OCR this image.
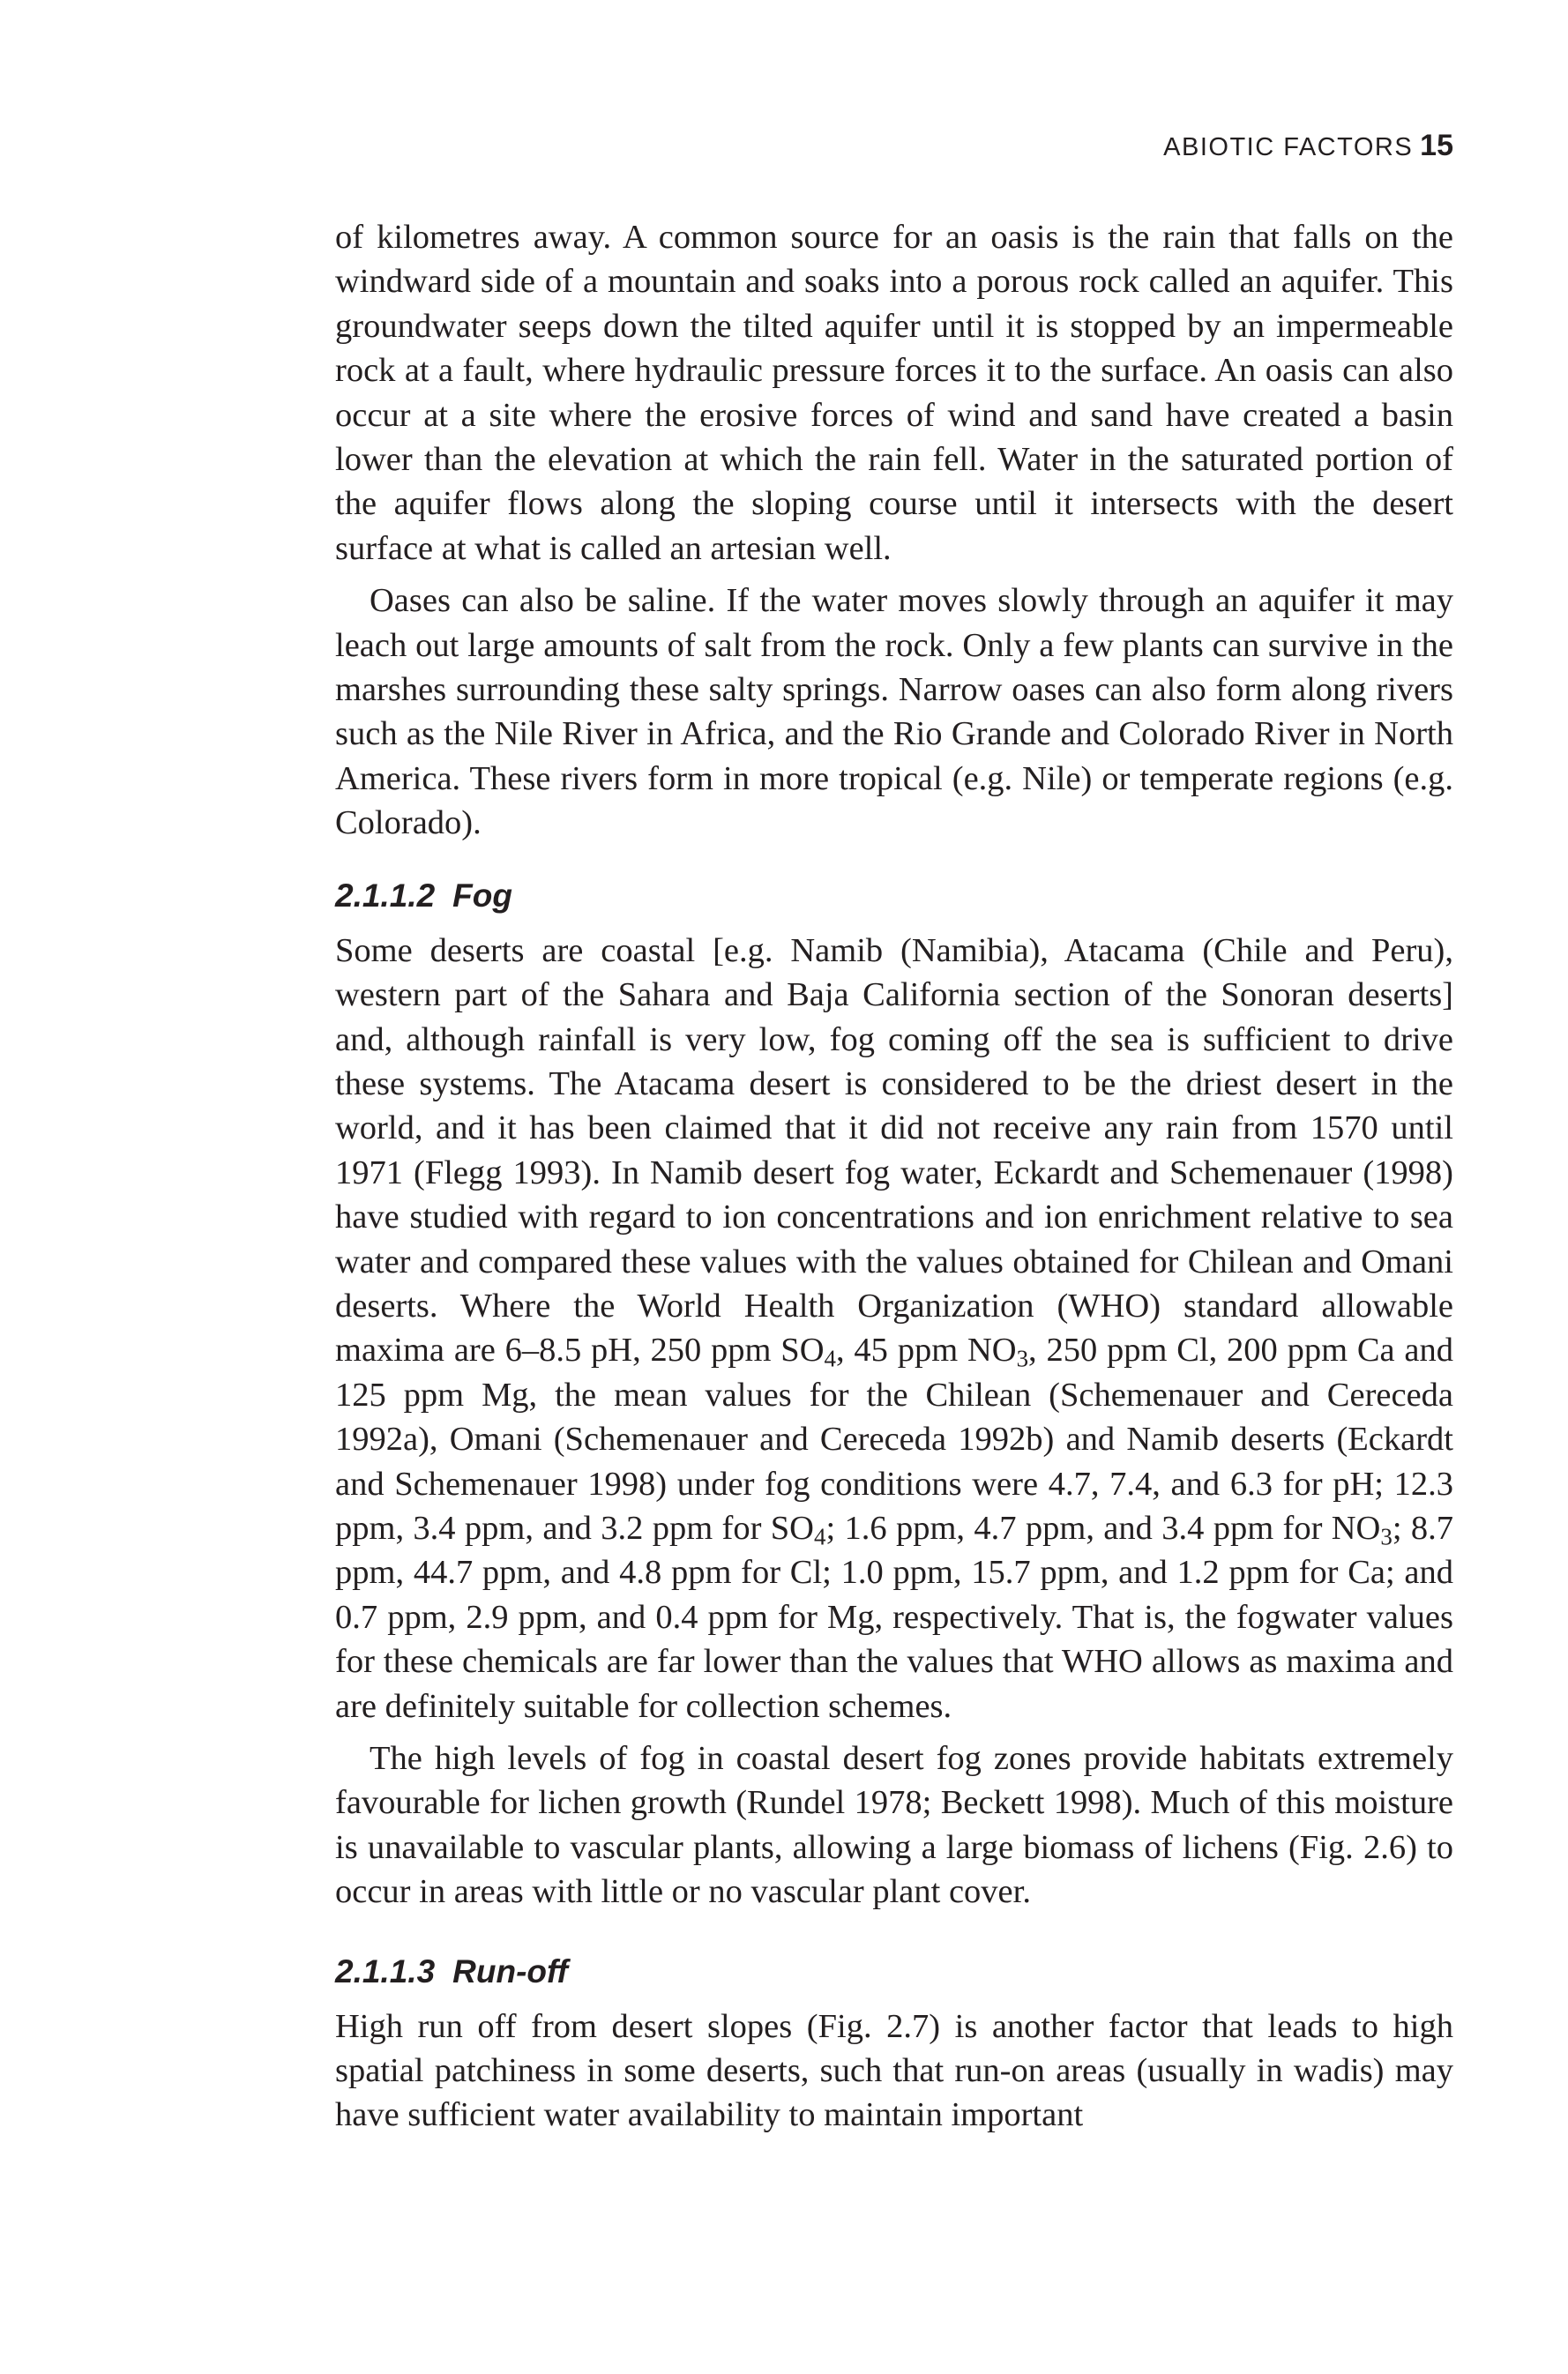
ABIOTIC FACTORS 15

of kilometres away. A common source for an oasis is the rain that falls on the windward side of a mountain and soaks into a porous rock called an aquifer. This groundwater seeps down the tilted aquifer until it is stopped by an impermeable rock at a fault, where hydraulic pressure forces it to the surface. An oasis can also occur at a site where the erosive forces of wind and sand have created a basin lower than the elevation at which the rain fell. Water in the saturated portion of the aquifer flows along the sloping course until it intersects with the desert surface at what is called an artesian well.

Oases can also be saline. If the water moves slowly through an aquifer it may leach out large amounts of salt from the rock. Only a few plants can survive in the marshes surrounding these salty springs. Narrow oases can also form along rivers such as the Nile River in Africa, and the Rio Grande and Colorado River in North America. These rivers form in more tropical (e.g. Nile) or temperate regions (e.g. Colorado).

2.1.1.2 Fog

Some deserts are coastal [e.g. Namib (Namibia), Atacama (Chile and Peru), western part of the Sahara and Baja California section of the Sonoran deserts] and, although rainfall is very low, fog coming off the sea is sufficient to drive these systems. The Atacama desert is considered to be the driest desert in the world, and it has been claimed that it did not receive any rain from 1570 until 1971 (Flegg 1993). In Namib desert fog water, Eckardt and Schemenauer (1998) have studied with regard to ion concentrations and ion enrichment relative to sea water and compared these values with the values obtained for Chilean and Omani deserts. Where the World Health Organization (WHO) standard allowable maxima are 6–8.5 pH, 250 ppm $SO_4$, 45 ppm $NO_3$, 250 ppm Cl, 200 ppm Ca and 125 ppm Mg, the mean values for the Chilean (Schemenauer and Cereceda 1992a), Omani (Schemenauer and Cereceda 1992b) and Namib deserts (Eckardt and Schemenauer 1998) under fog conditions were 4.7, 7.4, and 6.3 for pH; 12.3 ppm, 3.4 ppm, and 3.2 ppm for $SO_4$; 1.6 ppm, 4.7 ppm, and 3.4 ppm for $NO_3$; 8.7 ppm, 44.7 ppm, and 4.8 ppm for Cl; 1.0 ppm, 15.7 ppm, and 1.2 ppm for Ca; and 0.7 ppm, 2.9 ppm, and 0.4 ppm for Mg, respectively. That is, the fogwater values for these chemicals are far lower than the values that WHO allows as maxima and are definitely suitable for collection schemes.

The high levels of fog in coastal desert fog zones provide habitats extremely favourable for lichen growth (Rundel 1978; Beckett 1998). Much of this moisture is unavailable to vascular plants, allowing a large biomass of lichens (Fig. 2.6) to occur in areas with little or no vascular plant cover.

2.1.1.3 Run-off

High run off from desert slopes (Fig. 2.7) is another factor that leads to high spatial patchiness in some deserts, such that run-on areas (usually in wadis) may have sufficient water availability to maintain important
